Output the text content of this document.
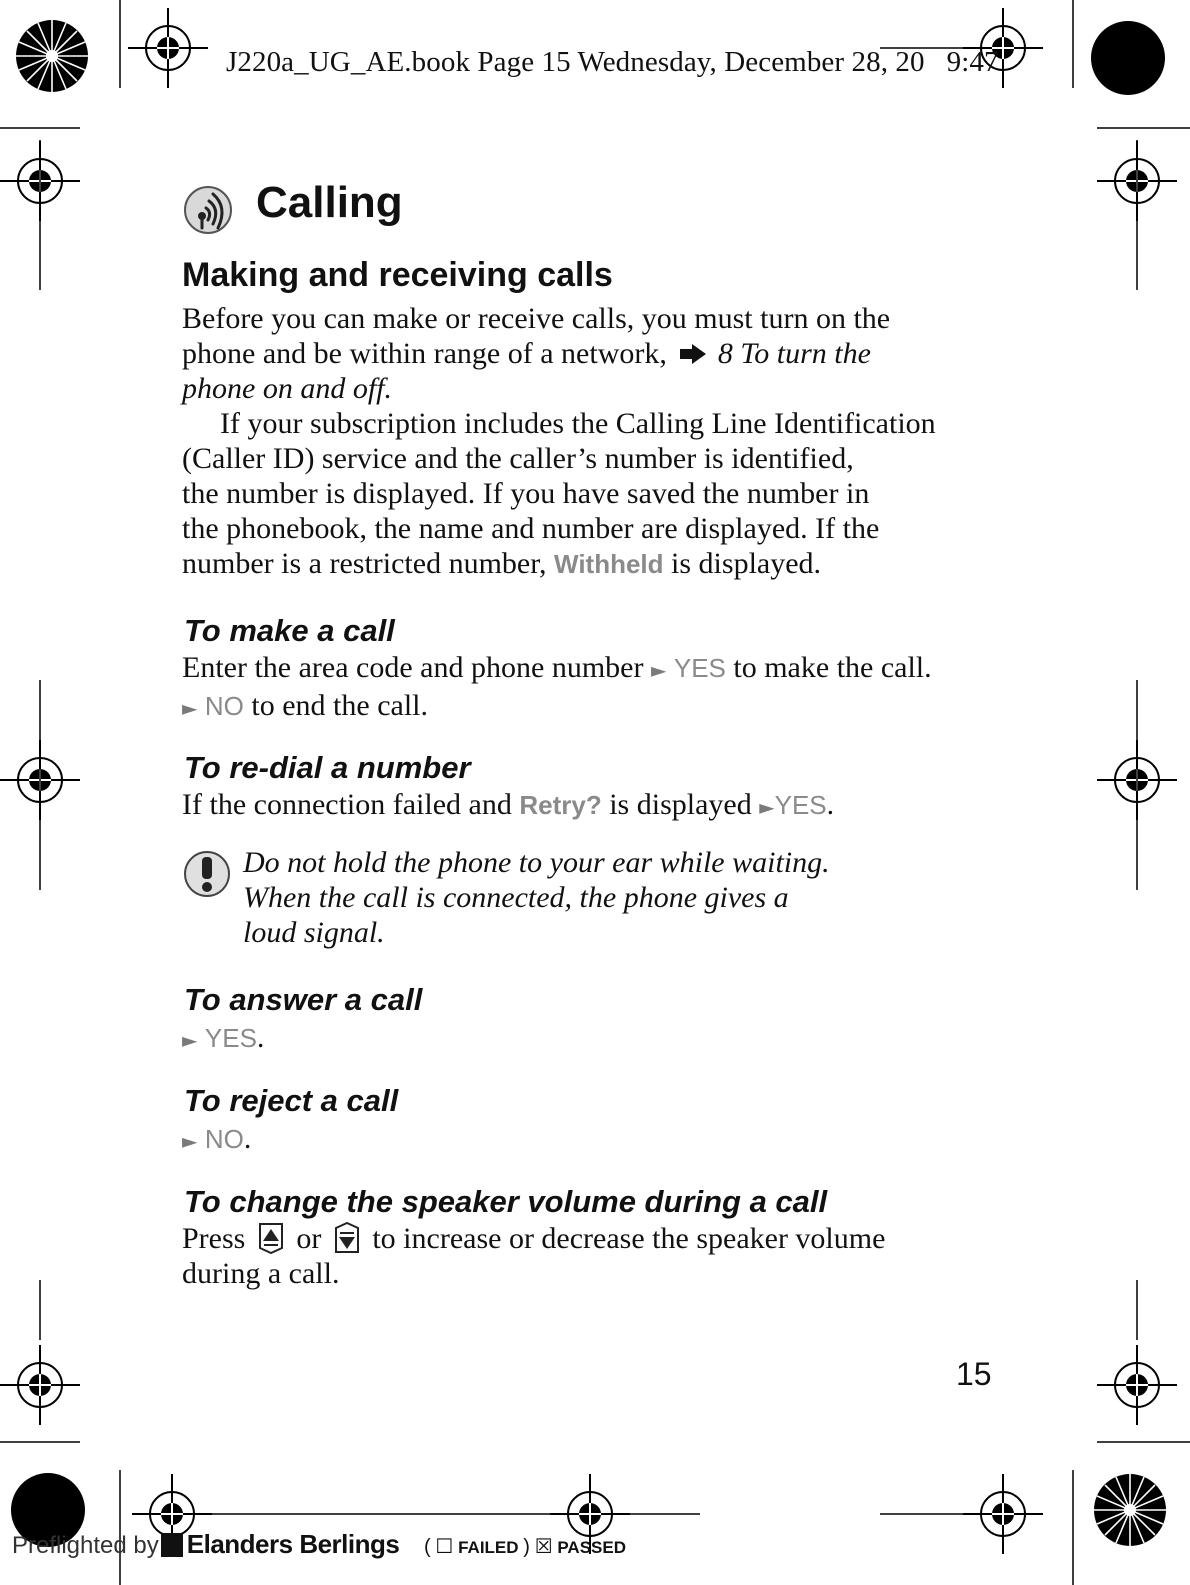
J220a_UG_AE.book Page 15 Wednesday, December 28, 20 9:47
Calling
Making and receiving calls
Before you can make or receive calls, you must turn on the
phone and be within range of a network, 8 To turn the
phone on and off.
If your subscription includes the Calling Line Identification
(Caller ID) service and the caller’s number is identified,
the number is displayed. If you have saved the number in
the phonebook, the name and number are displayed. If the
number is a restricted number, Withheld is displayed.
To make a call
Enter the area code and phone number ► YES to make the call.
► NO to end the call.
To re-dial a number
If the connection failed and Retry? is displayed ►YES.
Do not hold the phone to your ear while waiting.
When the call is connected, the phone gives a
loud signal.
To answer a call
► YES.
To reject a call
► NO.
To change the speaker volume during a call
Press or to increase or decrease the speaker volume
during a call.
15
Preflighted by Elanders Berlings ( ☐ FAILED ) ☒ PASSED
